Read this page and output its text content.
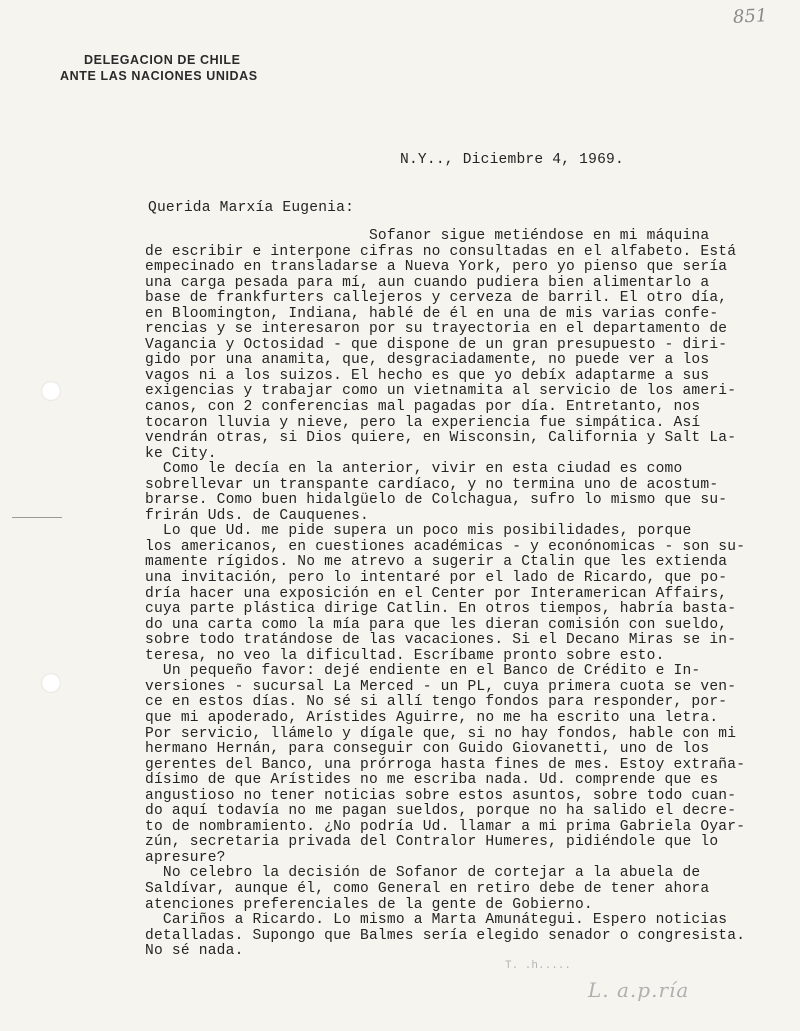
851
DELEGACION DE CHILE
ANTE LAS NACIONES UNIDAS
N.Y.., Diciembre 4, 1969.
Querida Marxía Eugenia:
Sofanor sigue metiéndose en mi máquina
de escribir e interpone cifras no consultadas en el alfabeto. Está
empecinado en transladarse a Nueva York, pero yo pienso que sería
una carga pesada para mí, aun cuando pudiera bien alimentarlo a
base de frankfurters callejeros y cerveza de barril. El otro día,
en Bloomington, Indiana, hablé de él en una de mis varias confe-
rencias y se interesaron por su trayectoria en el departamento de
Vagancia y Octosidad - que dispone de un gran presupuesto - diri-
gido por una anamita, que, desgraciadamente, no puede ver a los
vagos ni a los suizos. El hecho es que yo debíx adaptarme a sus
exigencias y trabajar como un vietnamita al servicio de los ameri-
canos, con 2 conferencias mal pagadas por día. Entretanto, nos
tocaron lluvia y nieve, pero la experiencia fue simpática. Así
vendrán otras, si Dios quiere, en Wisconsin, California y Salt La-
ke City.
Como le decía en la anterior, vivir en esta ciudad es como
sobrellevar un transpante cardíaco, y no termina uno de acostum-
brarse. Como buen hidalgüelo de Colchagua, sufro lo mismo que su-
frirán Uds. de Cauquenes.
Lo que Ud. me pide supera un poco mis posibilidades, porque
los americanos, en cuestiones académicas - y econónomicas - son su-
mamente rígidos. No me atrevo a sugerir a Ctalin que les extienda
una invitación, pero lo intentaré por el lado de Ricardo, que po-
dría hacer una exposición en el Center por Interamerican Affairs,
cuya parte plástica dirige Catlin. En otros tiempos, habría basta-
do una carta como la mía para que les dieran comisión con sueldo,
sobre todo tratándose de las vacaciones. Si el Decano Miras se in-
teresa, no veo la dificultad. Escríbame pronto sobre esto.
Un pequeño favor: dejé endiente en el Banco de Crédito e In-
versiones - sucursal La Merced - un PL, cuya primera cuota se ven-
ce en estos días. No sé si allí tengo fondos para responder, por-
que mi apoderado, Arístides Aguirre, no me ha escrito una letra.
Por servicio, llámelo y dígale que, si no hay fondos, hable con mi
hermano Hernán, para conseguir con Guido Giovanetti, uno de los
gerentes del Banco, una prórroga hasta fines de mes. Estoy extraña-
dísimo de que Arístides no me escriba nada. Ud. comprende que es
angustioso no tener noticias sobre estos asuntos, sobre todo cuan-
do aquí todavía no me pagan sueldos, porque no ha salido el decre-
to de nombramiento. ¿No podría Ud. llamar a mi prima Gabriela Oyar-
zún, secretaria privada del Contralor Humeres, pidiéndole que lo
apresure?
No celebro la decisión de Sofanor de cortejar a la abuela de
Saldívar, aunque él, como General en retiro debe de tener ahora
atenciones preferenciales de la gente de Gobierno.
Cariños a Ricardo. Lo mismo a Marta Amunátegui. Espero noticias
detalladas. Supongo que Balmes sería elegido senador o congresista.
No sé nada.
T. .h.....
L. a.p.ría
